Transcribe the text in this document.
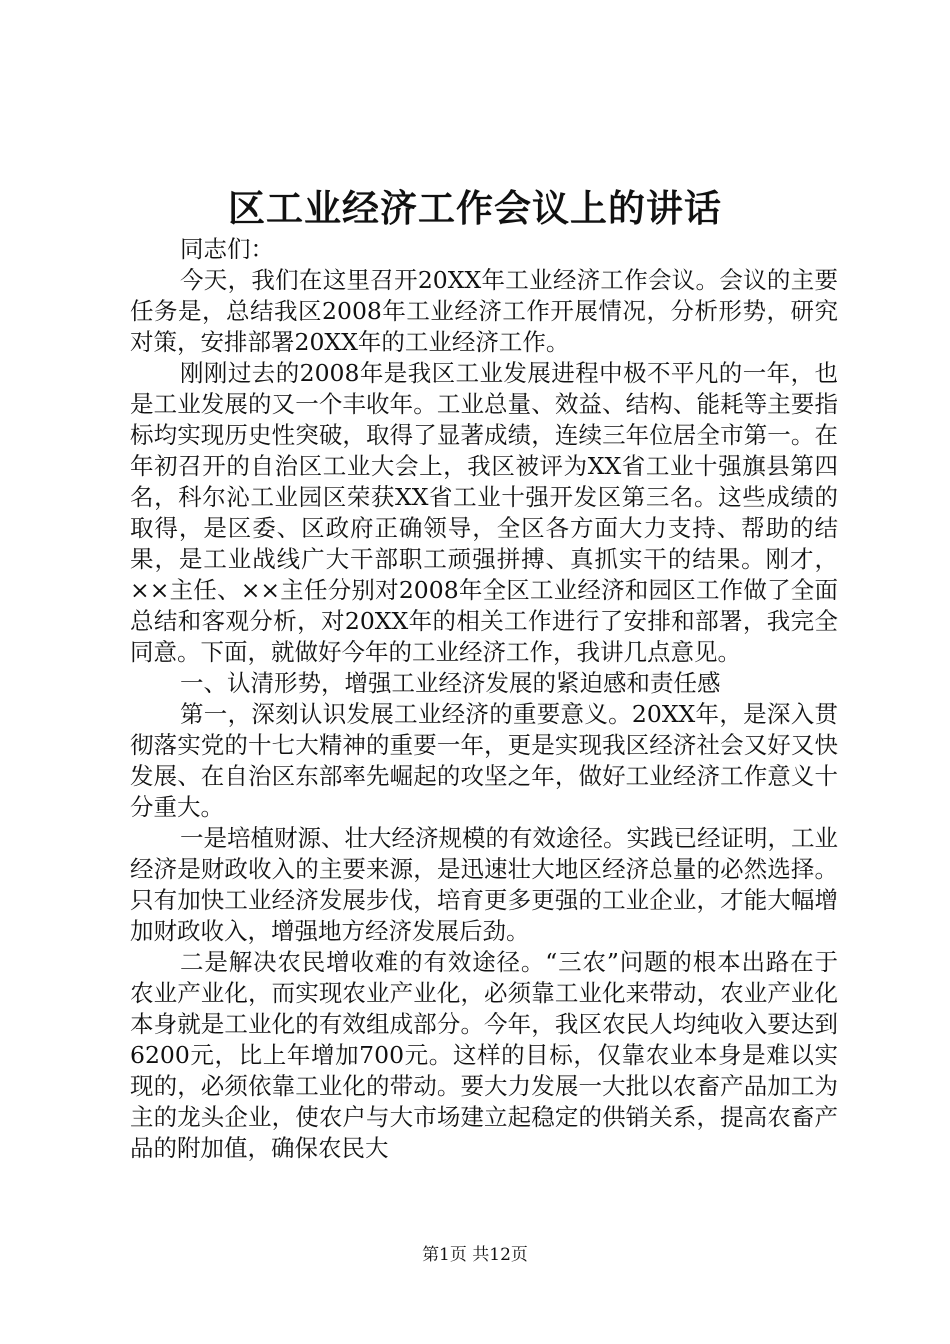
区工业经济工作会议上的讲话

同志们：

今天，我们在这里召开20XX年工业经济工作会议。会议的主要任务是，总结我区2008年工业经济工作开展情况，分析形势，研究对策，安排部署20XX年的工业经济工作。

刚刚过去的2008年是我区工业发展进程中极不平凡的一年，也是工业发展的又一个丰收年。工业总量、效益、结构、能耗等主要指标均实现历史性突破，取得了显著成绩，连续三年位居全市第一。在年初召开的自治区工业大会上，我区被评为XX省工业十强旗县第四名，科尔沁工业园区荣获XX省工业十强开发区第三名。这些成绩的取得，是区委、区政府正确领导，全区各方面大力支持、帮助的结果，是工业战线广大干部职工顽强拼搏、真抓实干的结果。刚才，××主任、××主任分别对2008年全区工业经济和园区工作做了全面总结和客观分析，对20XX年的相关工作进行了安排和部署，我完全同意。下面，就做好今年的工业经济工作，我讲几点意见。

一、认清形势，增强工业经济发展的紧迫感和责任感

第一，深刻认识发展工业经济的重要意义。20XX年，是深入贯彻落实党的十七大精神的重要一年，更是实现我区经济社会又好又快发展、在自治区东部率先崛起的攻坚之年，做好工业经济工作意义十分重大。

一是培植财源、壮大经济规模的有效途径。实践已经证明，工业经济是财政收入的主要来源，是迅速壮大地区经济总量的必然选择。只有加快工业经济发展步伐，培育更多更强的工业企业，才能大幅增加财政收入，增强地方经济发展后劲。

二是解决农民增收难的有效途径。“三农”问题的根本出路在于农业产业化，而实现农业产业化，必须靠工业化来带动，农业产业化本身就是工业化的有效组成部分。今年，我区农民人均纯收入要达到6200元，比上年增加700元。这样的目标，仅靠农业本身是难以实现的，必须依靠工业化的带动。要大力发展一大批以农畜产品加工为主的龙头企业，使农户与大市场建立起稳定的供销关系，提高农畜产品的附加值，确保农民大

第1页 共12页
